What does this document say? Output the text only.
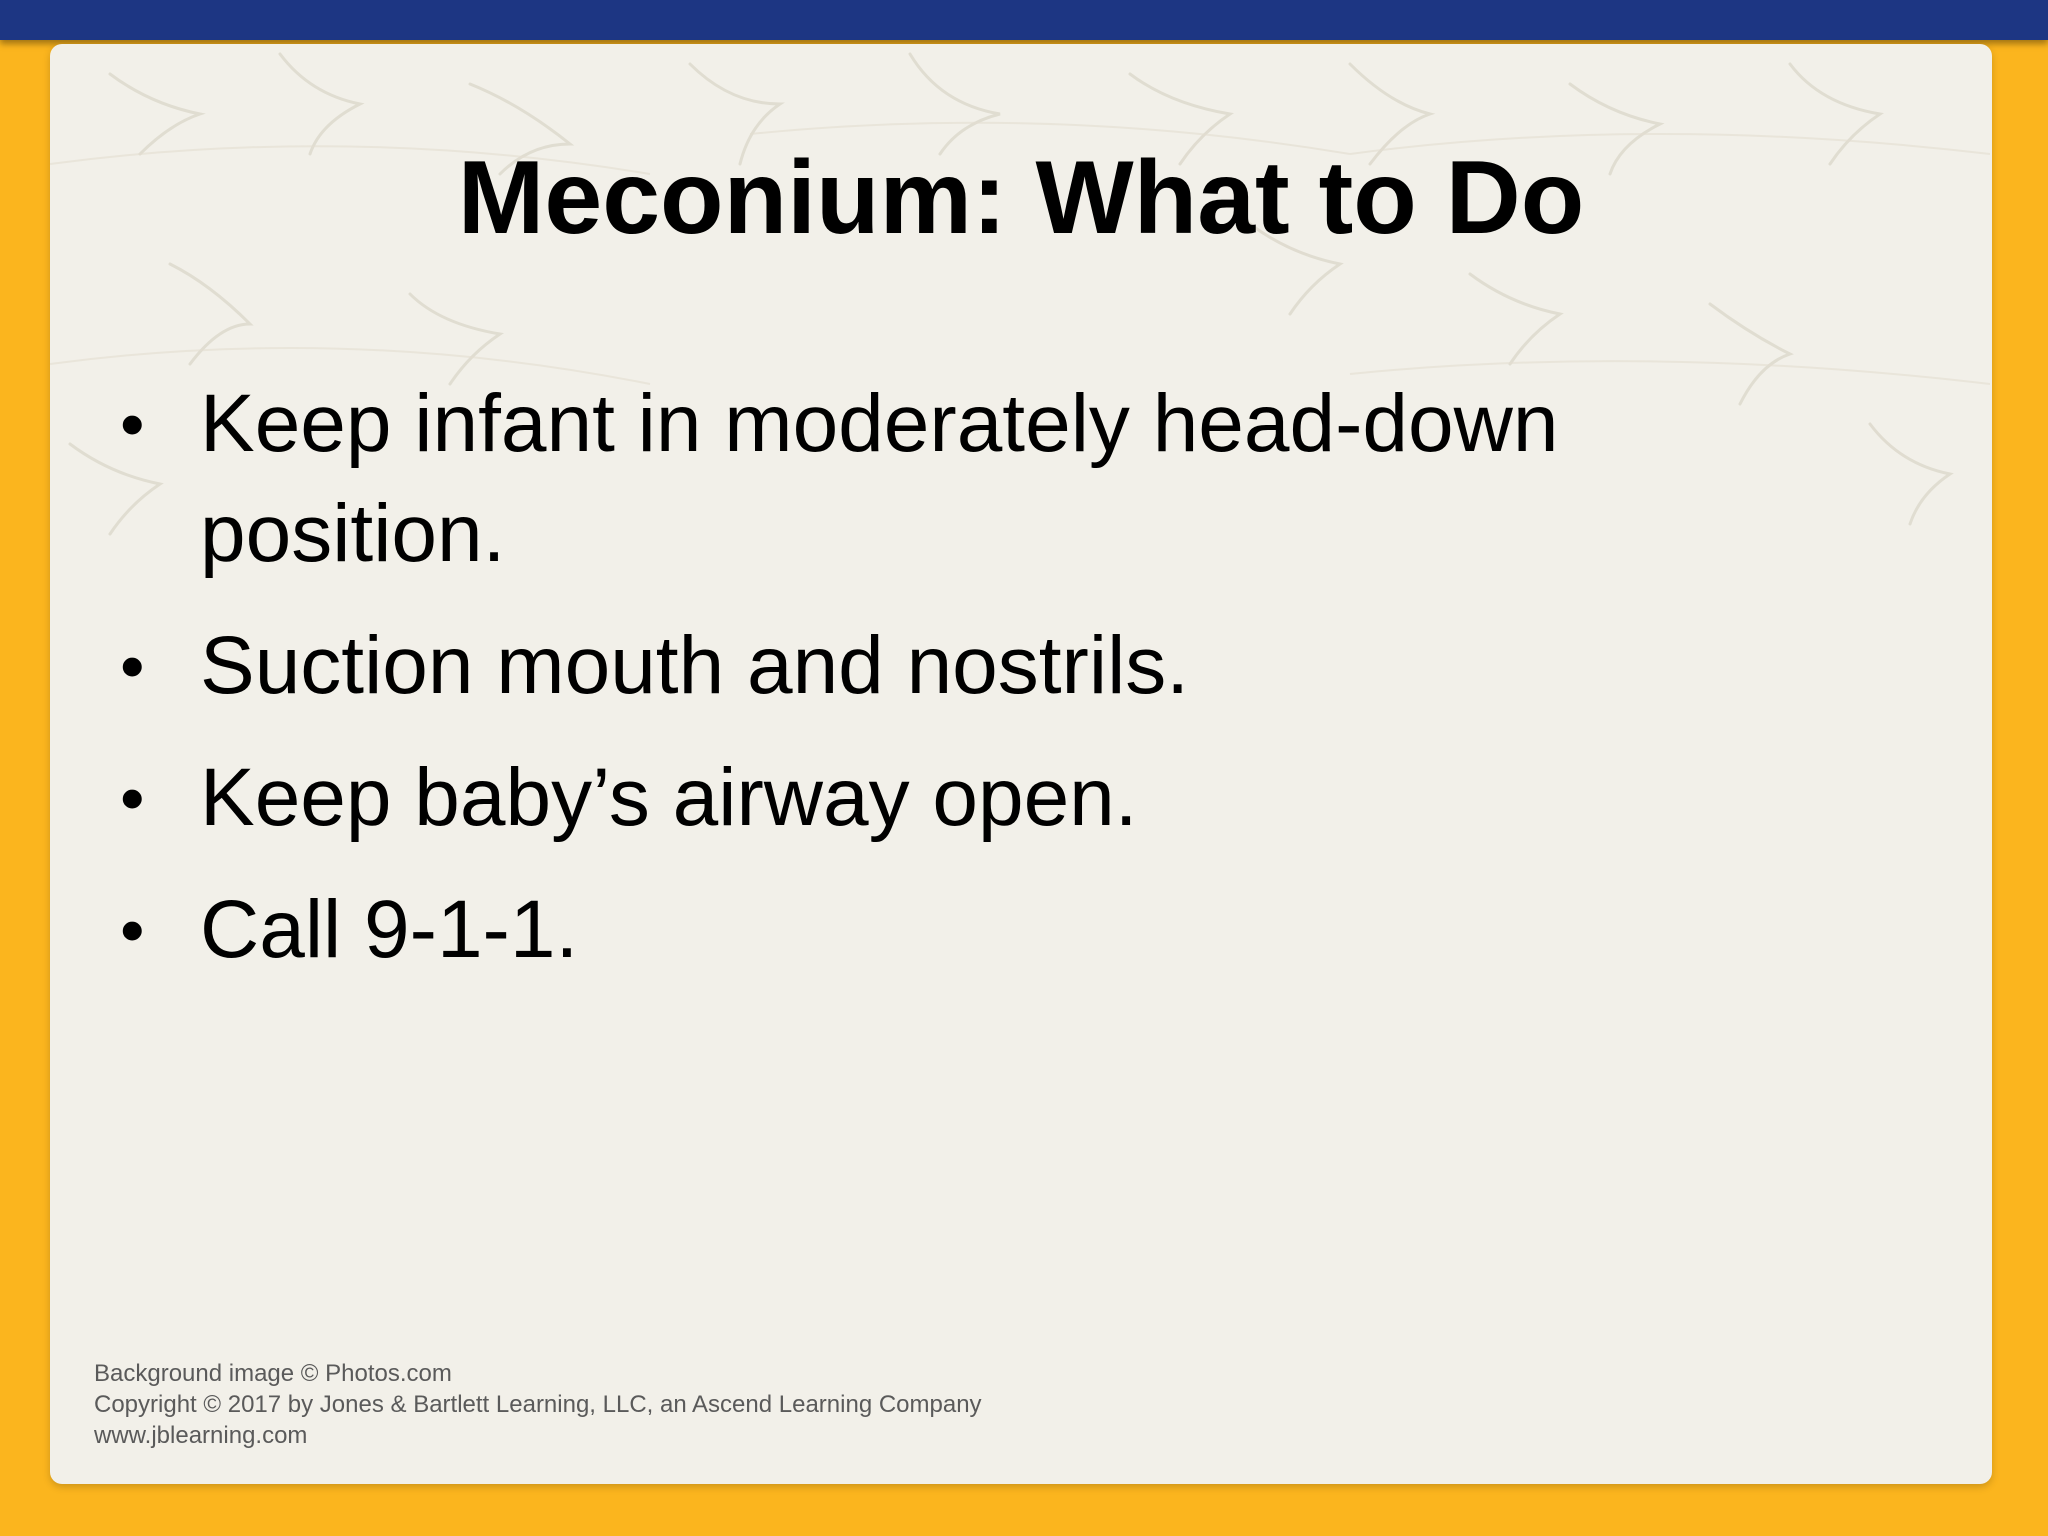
Meconium: What to Do
• Keep infant in moderately head-down position.
• Suction mouth and nostrils.
• Keep baby’s airway open.
• Call 9-1-1.
Background image © Photos.com
Copyright © 2017 by Jones & Bartlett Learning, LLC, an Ascend Learning Company
www.jblearning.com
